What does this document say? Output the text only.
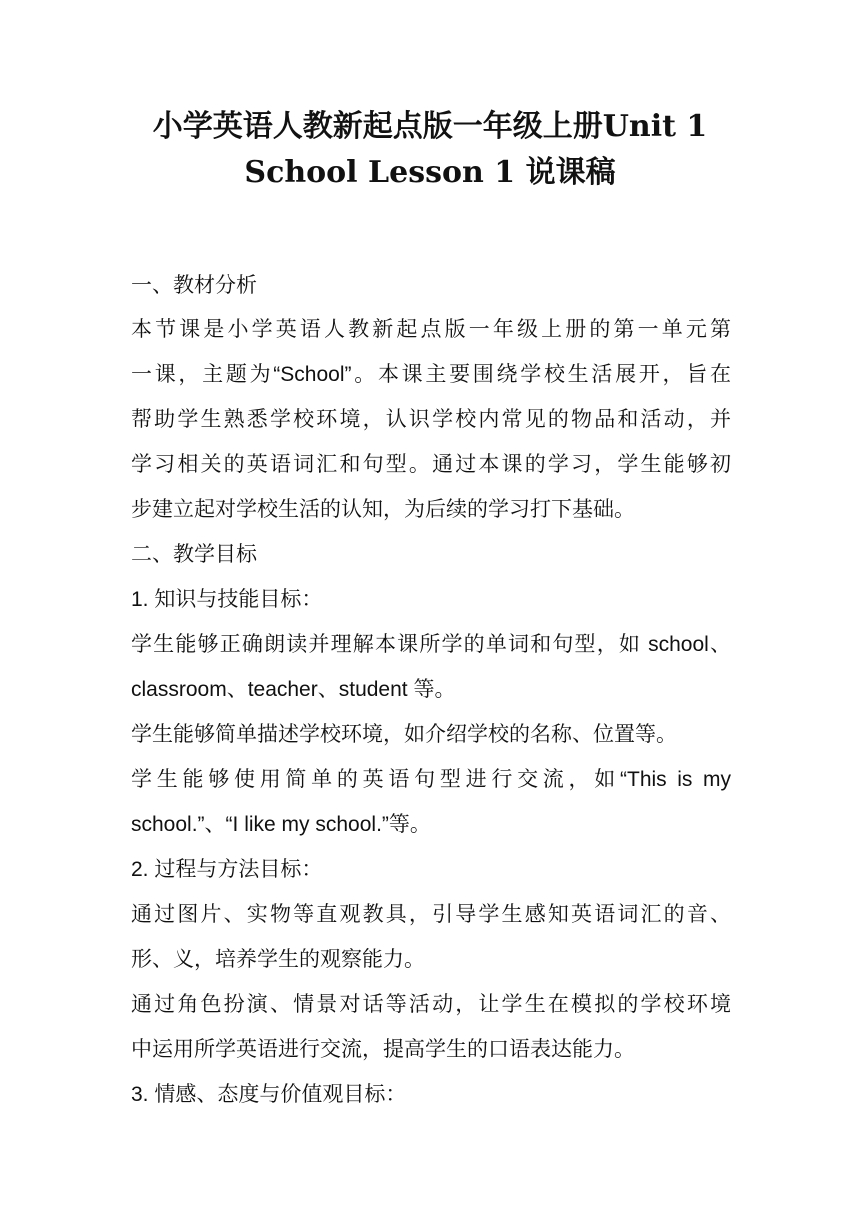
小学英语人教新起点版一年级上册Unit 1
School Lesson 1 说课稿

一、教材分析

本节课是小学英语人教新起点版一年级上册的第一单元第

一课，主题为“School”。本课主要围绕学校生活展开，旨在

帮助学生熟悉学校环境，认识学校内常见的物品和活动，并

学习相关的英语词汇和句型。通过本课的学习，学生能够初

步建立起对学校生活的认知，为后续的学习打下基础。

二、教学目标

1. 知识与技能目标：

学生能够正确朗读并理解本课所学的单词和句型，如 school、

classroom、teacher、student 等。

学生能够简单描述学校环境，如介绍学校的名称、位置等。

学生能够使用简单的英语句型进行交流，如“This is my

school.”、“I like my school.”等。

2. 过程与方法目标：

通过图片、实物等直观教具，引导学生感知英语词汇的音、

形、义，培养学生的观察能力。

通过角色扮演、情景对话等活动，让学生在模拟的学校环境

中运用所学英语进行交流，提高学生的口语表达能力。

3. 情感、态度与价值观目标：
